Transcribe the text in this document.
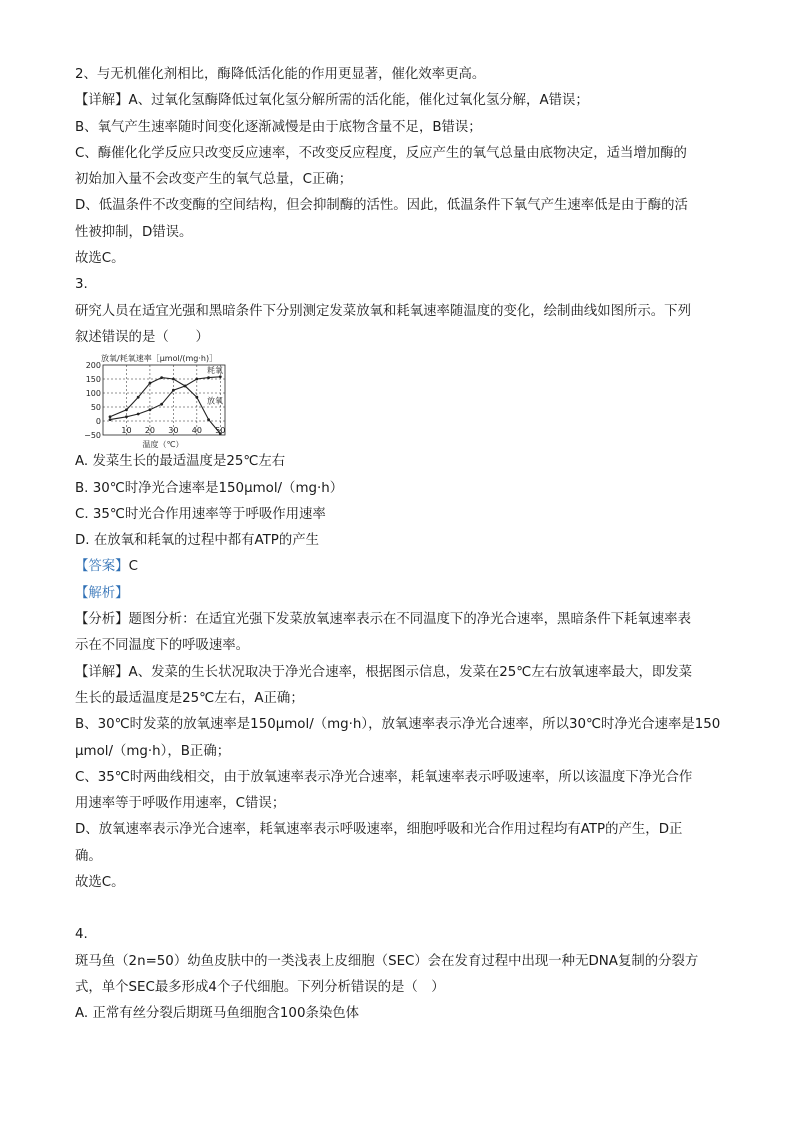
2、与无机催化剂相比，酶降低活化能的作用更显著，催化效率更高。
【详解】A、过氧化氢酶降低过氧化氢分解所需的活化能，催化过氧化氢分解，A错误；
B、氧气产生速率随时间变化逐渐减慢是由于底物含量不足，B错误；
C、酶催化化学反应只改变反应速率，不改变反应程度，反应产生的氧气总量由底物决定，适当增加酶的
初始加入量不会改变产生的氧气总量，C正确；
D、低温条件不改变酶的空间结构，但会抑制酶的活性。因此，低温条件下氧气产生速率低是由于酶的活
性被抑制，D错误。
故选C。
3.
研究人员在适宜光强和黑暗条件下分别测定发菜放氧和耗氧速率随温度的变化，绘制曲线如图所示。下列
叙述错误的是（　　）
放氧/耗氧速率［μmol/(mg·h)］
200
150
100
50
0
−50
10 20 30 40 50
温度（℃）
放氧
耗氧
A. 发菜生长的最适温度是25℃左右
B. 30℃时净光合速率是150μmol/（mg·h）
C. 35℃时光合作用速率等于呼吸作用速率
D. 在放氧和耗氧的过程中都有ATP的产生
【答案】C
【解析】
【分析】题图分析：在适宜光强下发菜放氧速率表示在不同温度下的净光合速率，黑暗条件下耗氧速率表
示在不同温度下的呼吸速率。
【详解】A、发菜的生长状况取决于净光合速率，根据图示信息，发菜在25℃左右放氧速率最大，即发菜
生长的最适温度是25℃左右，A正确；
B、30℃时发菜的放氧速率是150μmol/（mg·h），放氧速率表示净光合速率，所以30℃时净光合速率是150
μmol/（mg·h），B正确；
C、35℃时两曲线相交，由于放氧速率表示净光合速率，耗氧速率表示呼吸速率，所以该温度下净光合作
用速率等于呼吸作用速率，C错误；
D、放氧速率表示净光合速率，耗氧速率表示呼吸速率，细胞呼吸和光合作用过程均有ATP的产生，D正
确。
故选C。
4.
斑马鱼（2n=50）幼鱼皮肤中的一类浅表上皮细胞（SEC）会在发育过程中出现一种无DNA复制的分裂方
式，单个SEC最多形成4个子代细胞。下列分析错误的是（　）
A. 正常有丝分裂后期斑马鱼细胞含100条染色体
